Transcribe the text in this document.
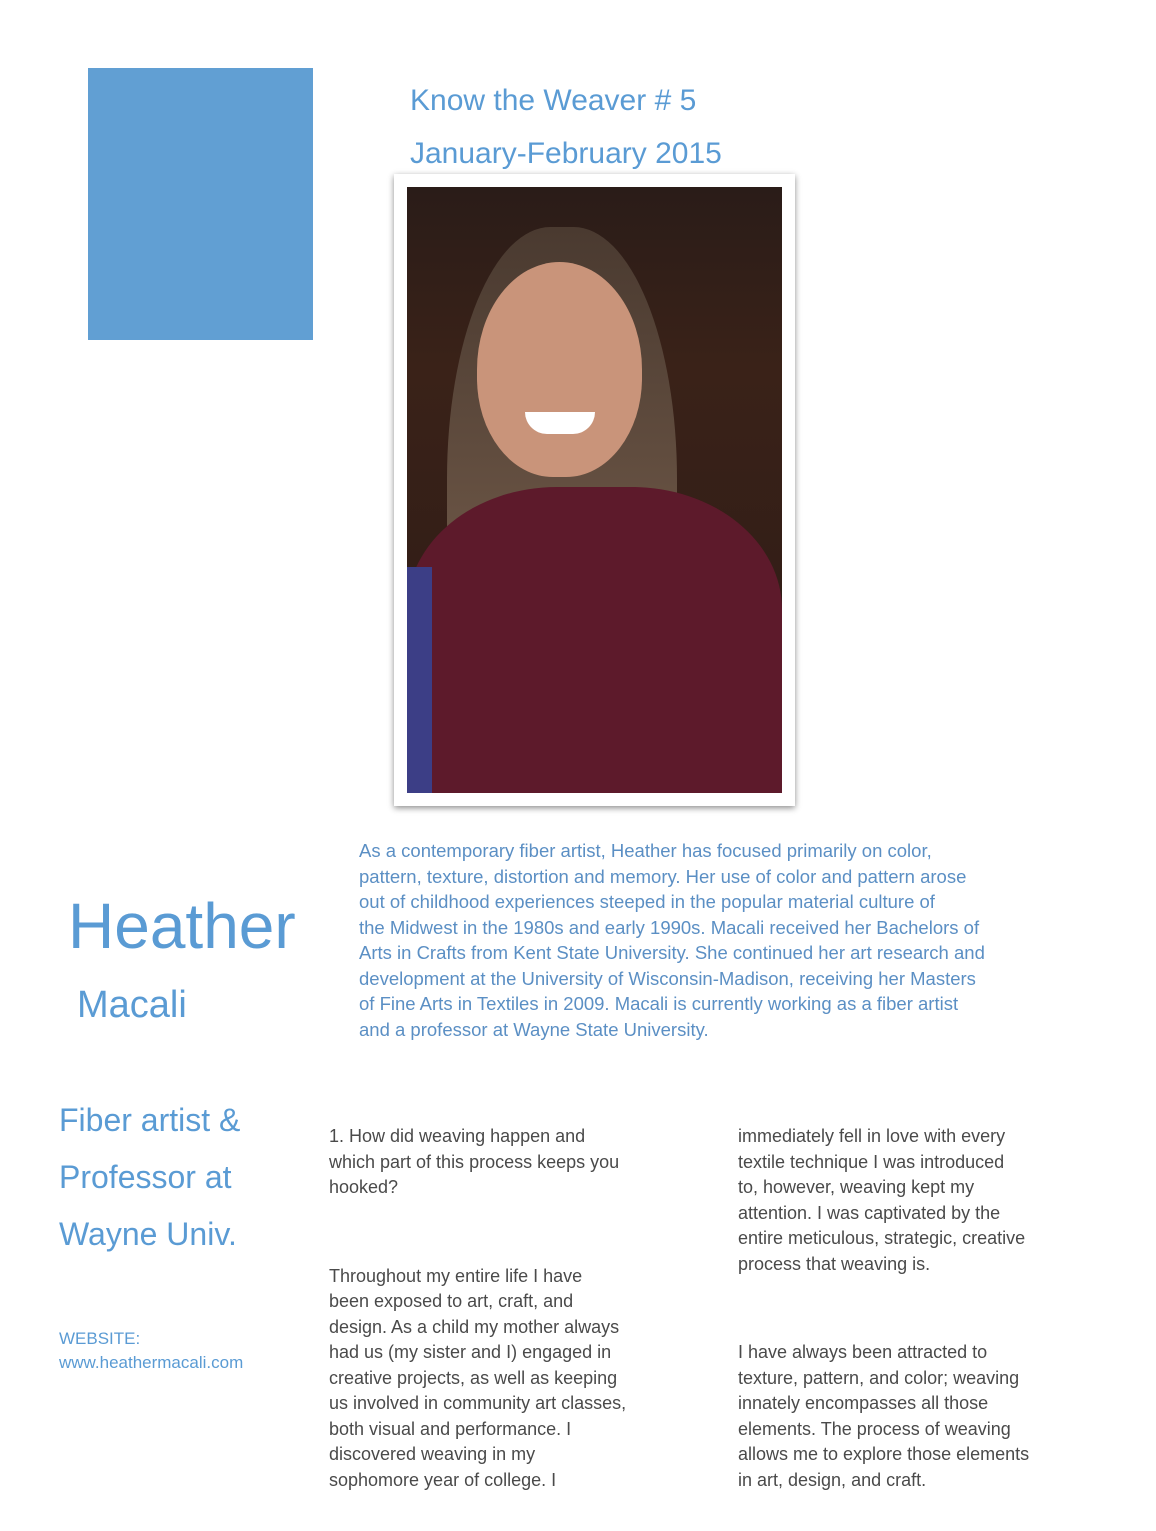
Know the Weaver # 5
January-February 2015
As a contemporary fiber artist, Heather has focused primarily on color,
pattern, texture, distortion and memory. Her use of color and pattern arose
out of childhood experiences steeped in the popular material culture of
the Midwest in the 1980s and early 1990s. Macali received her Bachelors of
Arts in Crafts from Kent State University. She continued her art research and
development at the University of Wisconsin-Madison, receiving her Masters
of Fine Arts in Textiles in 2009. Macali is currently working as a fiber artist
and a professor at Wayne State University.
Heather
Macali
Fiber artist &
Professor at
Wayne Univ.
WEBSITE:
www.heathermacali.com

1. How did weaving happen and
which part of this process keeps you
hooked?

Throughout my entire life I have
been exposed to art, craft, and
design. As a child my mother always
had us (my sister and I) engaged in
creative projects, as well as keeping
us involved in community art classes,
both visual and performance. I
discovered weaving in my
sophomore year of college. I

immediately fell in love with every
textile technique I was introduced
to, however, weaving kept my
attention. I was captivated by the
entire meticulous, strategic, creative
process that weaving is.

I have always been attracted to
texture, pattern, and color; weaving
innately encompasses all those
elements. The process of weaving
allows me to explore those elements
in art, design, and craft.
